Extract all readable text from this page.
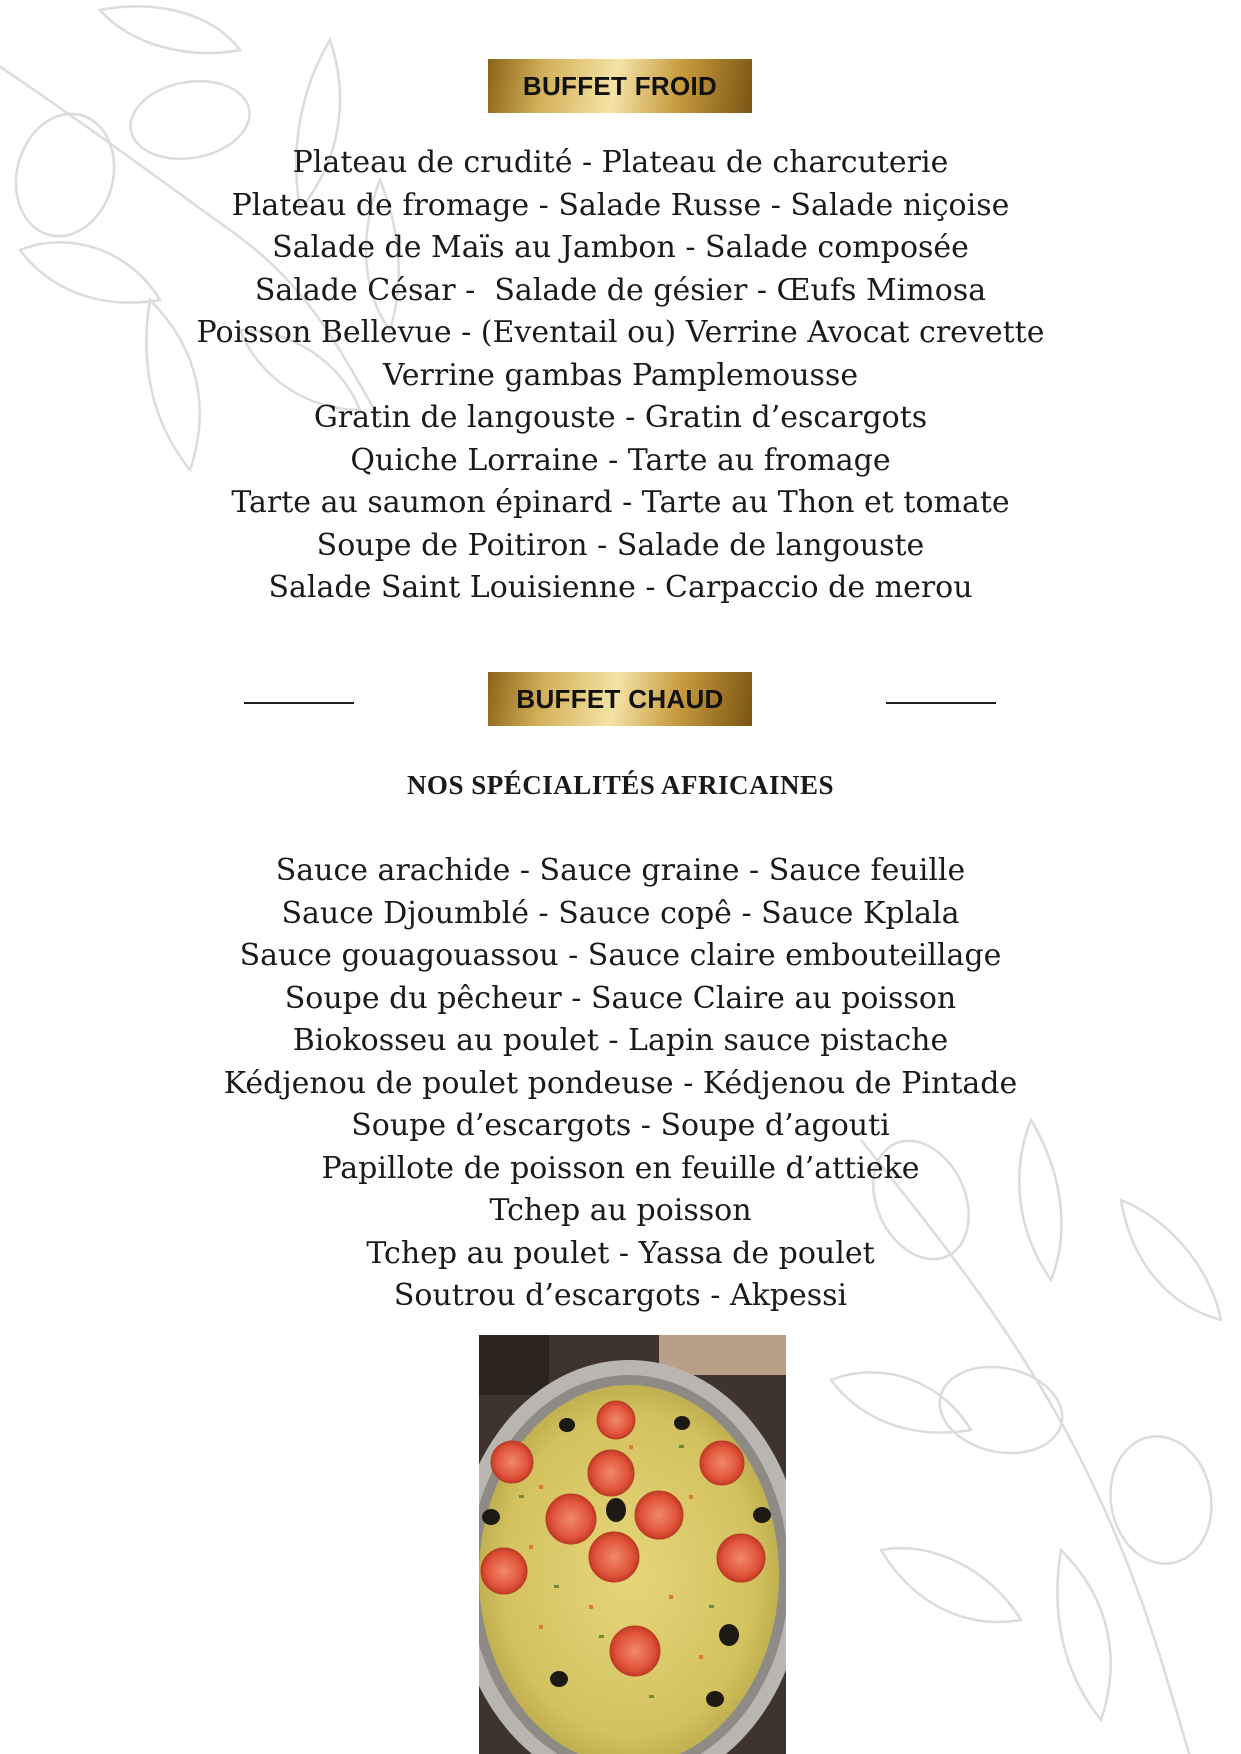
BUFFET FROID
Plateau de crudité - Plateau de charcuterie
Plateau de fromage - Salade Russe - Salade niçoise
Salade de Maïs au Jambon - Salade composée
Salade César -  Salade de gésier - Œufs Mimosa
Poisson Bellevue - (Eventail ou) Verrine Avocat crevette
Verrine gambas Pamplemousse
Gratin de langouste - Gratin d’escargots
Quiche Lorraine - Tarte au fromage
Tarte au saumon épinard - Tarte au Thon et tomate
Soupe de Poitiron - Salade de langouste
Salade Saint Louisienne - Carpaccio de merou
BUFFET CHAUD
NOS SPÉCIALITÉS AFRICAINES
Sauce arachide - Sauce graine - Sauce feuille
Sauce Djoumblé - Sauce copê - Sauce Kplala
Sauce gouagouassou - Sauce claire embouteillage
Soupe du pêcheur - Sauce Claire au poisson
Biokosseu au poulet - Lapin sauce pistache
Kédjenou de poulet pondeuse - Kédjenou de Pintade
Soupe d’escargots - Soupe d’agouti
Papillote de poisson en feuille d’attieke
Tchep au poisson
Tchep au poulet - Yassa de poulet
Soutrou d’escargots - Akpessi
